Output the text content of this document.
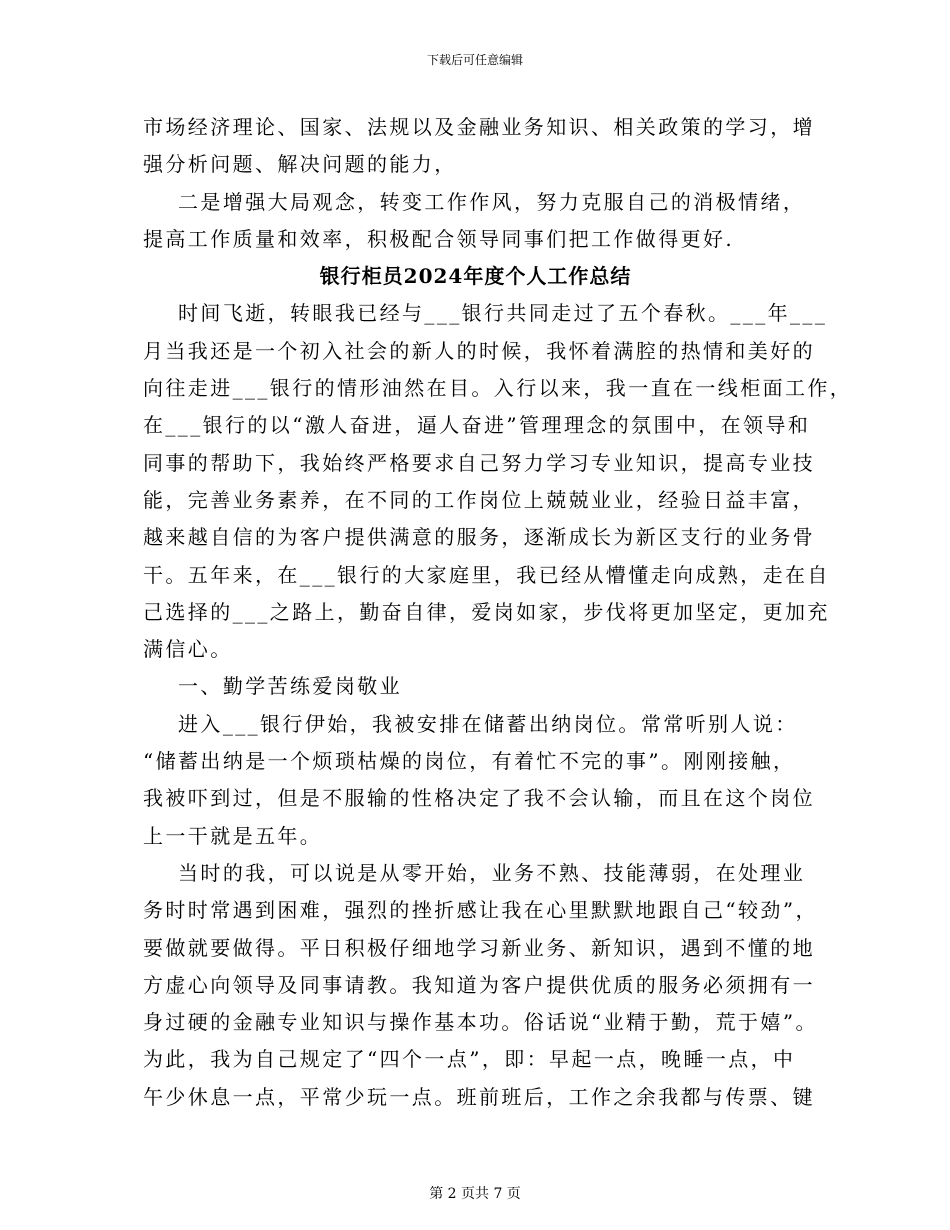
下载后可任意编辑
市场经济理论、国家、法规以及金融业务知识、相关政策的学习，增
强分析问题、解决问题的能力，
二是增强大局观念，转变工作作风，努力克服自己的消极情绪，
提高工作质量和效率，积极配合领导同事们把工作做得更好.
银行柜员2024年度个人工作总结
时间飞逝，转眼我已经与___银行共同走过了五个春秋。___年___
月当我还是一个初入社会的新人的时候，我怀着满腔的热情和美好的
向往走进___银行的情形油然在目。入行以来，我一直在一线柜面工作，
在___银行的以“激人奋进，逼人奋进”管理理念的氛围中，在领导和
同事的帮助下，我始终严格要求自己努力学习专业知识，提高专业技
能，完善业务素养，在不同的工作岗位上兢兢业业，经验日益丰富，
越来越自信的为客户提供满意的服务，逐渐成长为新区支行的业务骨
干。五年来，在___银行的大家庭里，我已经从懵懂走向成熟，走在自
己选择的___之路上，勤奋自律，爱岗如家，步伐将更加坚定，更加充
满信心。
一、勤学苦练爱岗敬业
进入___银行伊始，我被安排在储蓄出纳岗位。常常听别人说：
“储蓄出纳是一个烦琐枯燥的岗位，有着忙不完的事”。刚刚接触，
我被吓到过，但是不服输的性格决定了我不会认输，而且在这个岗位
上一干就是五年。
当时的我，可以说是从零开始，业务不熟、技能薄弱，在处理业
务时时常遇到困难，强烈的挫折感让我在心里默默地跟自己“较劲”，
要做就要做得。平日积极仔细地学习新业务、新知识，遇到不懂的地
方虚心向领导及同事请教。我知道为客户提供优质的服务必须拥有一
身过硬的金融专业知识与操作基本功。俗话说“业精于勤，荒于嬉”。
为此，我为自己规定了“四个一点”，即：早起一点，晚睡一点，中
午少休息一点，平常少玩一点。班前班后，工作之余我都与传票、键
第 2 页共 7 页
